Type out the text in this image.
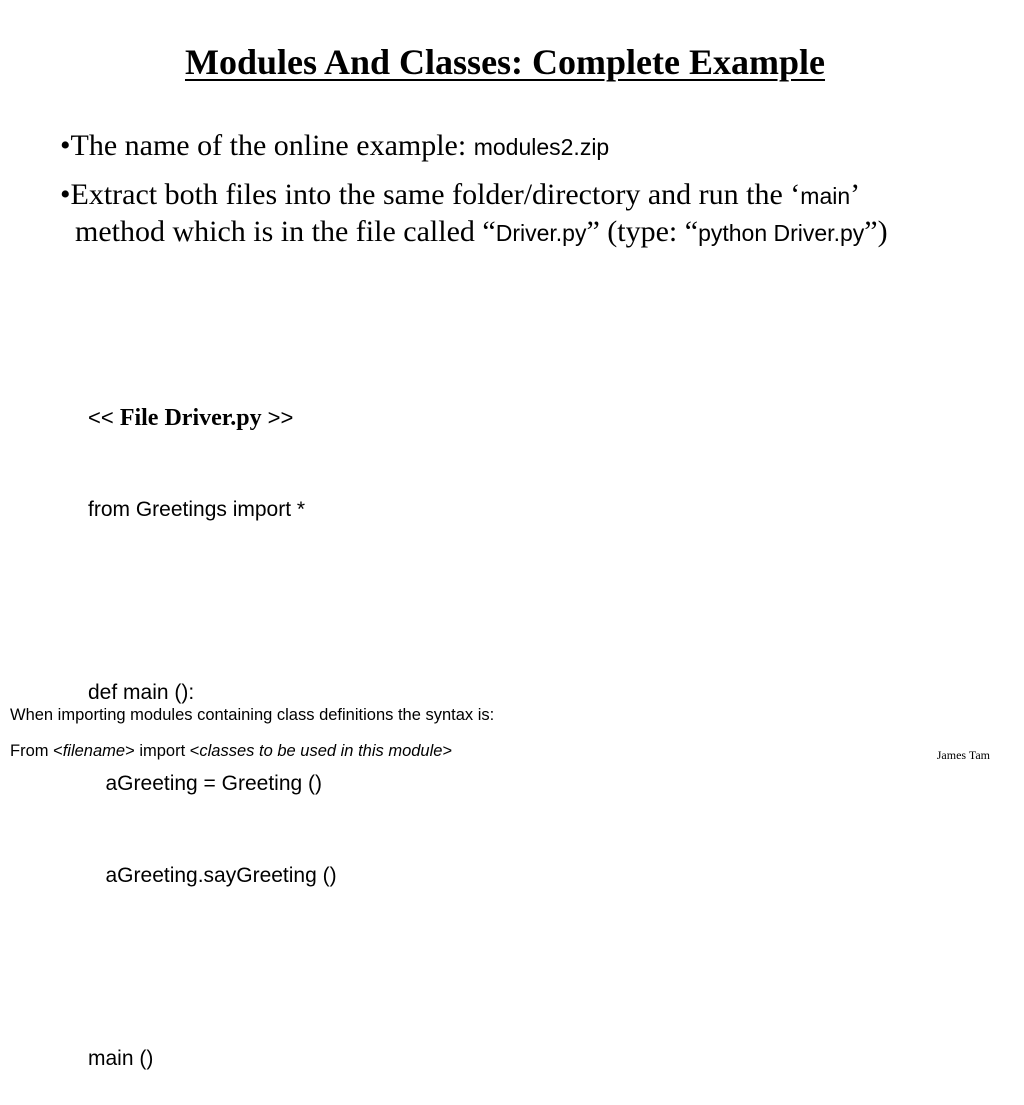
Modules And Classes: Complete Example
•The name of the online example: modules2.zip
•Extract both files into the same folder/directory and run the ‘main’ method which is in the file called “Driver.py” (type: “python Driver.py”)

<< File Driver.py >>

from Greetings import *

def main ():

aGreeting = Greeting ()

aGreeting.sayGreeting ()

main ()

When importing modules containing class definitions the syntax is:
From <filename> import <classes to be used in this module>	James Tam
